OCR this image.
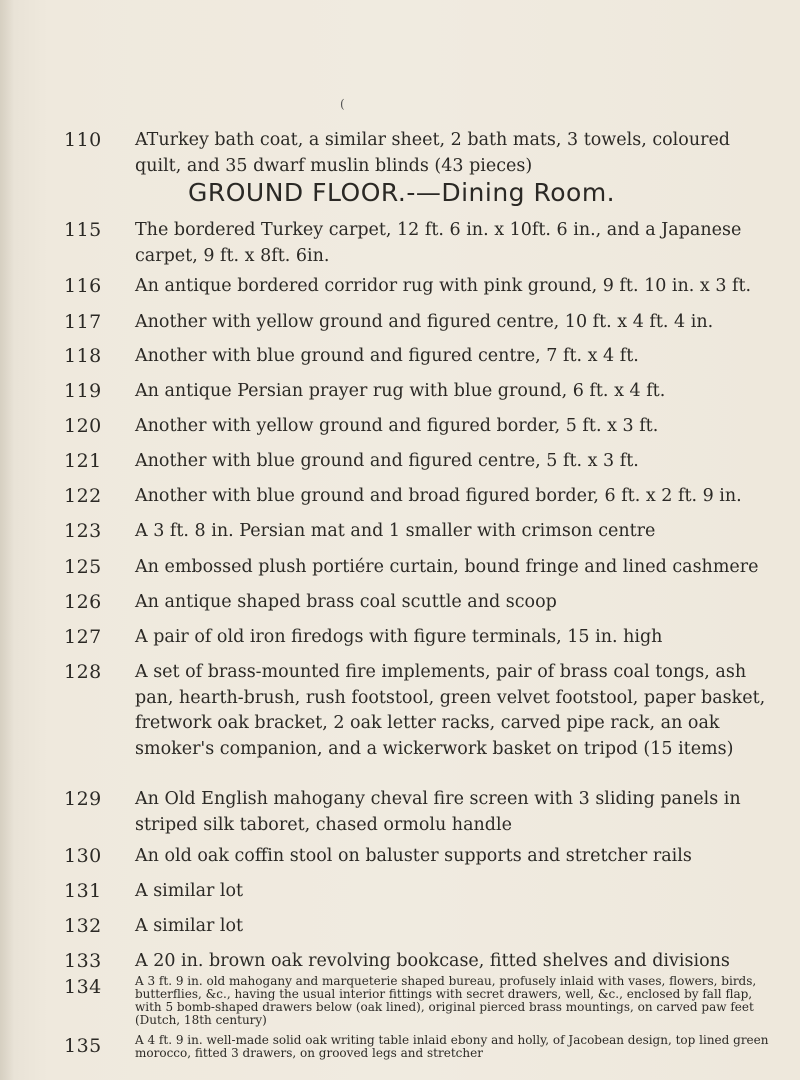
(
110	ATurkey bath coat, a similar sheet, 2 bath mats, 3 towels, coloured quilt, and 35 dwarf muslin blinds (43 pieces)
GROUND FLOOR.-—Dining Room.
115	The bordered Turkey carpet, 12 ft. 6 in. x 10ft. 6 in., and a Japanese carpet, 9 ft. x 8ft. 6in.
116	An antique bordered corridor rug with pink ground, 9 ft. 10 in. x 3 ft.
117	Another with yellow ground and figured centre, 10 ft. x 4 ft. 4 in.
118	Another with blue ground and figured centre, 7 ft. x 4 ft.
119	An antique Persian prayer rug with blue ground, 6 ft. x 4 ft.
120	Another with yellow ground and figured border, 5 ft. x 3 ft.
121	Another with blue ground and figured centre, 5 ft. x 3 ft.
122	Another with blue ground and broad figured border, 6 ft. x 2 ft. 9 in.
123	A 3 ft. 8 in. Persian mat and 1 smaller with crimson centre
125	An embossed plush portiére curtain, bound fringe and lined cashmere
126	An antique shaped brass coal scuttle and scoop
127	A pair of old iron firedogs with figure terminals, 15 in. high
128	A set of brass-mounted fire implements, pair of brass coal tongs, ash pan, hearth-brush, rush footstool, green velvet footstool, paper basket, fretwork oak bracket, 2 oak letter racks, carved pipe rack, an oak smoker's companion, and a wickerwork basket on tripod (15 items)
129	An Old English mahogany cheval fire screen with 3 sliding panels in striped silk taboret, chased ormolu handle
130	An old oak coffin stool on baluster supports and stretcher rails
131	A similar lot
132	A similar lot
133	A 20 in. brown oak revolving bookcase, fitted shelves and divisions
134	A 3 ft. 9 in. old mahogany and marqueterie shaped bureau, profusely inlaid with vases, flowers, birds, butterflies, &c., having the usual interior fittings with secret drawers, well, &c., enclosed by fall flap, with 5 bomb-shaped drawers below (oak lined), original pierced brass mountings, on carved paw feet (Dutch, 18th century)
135	A 4 ft. 9 in. well-made solid oak writing table inlaid ebony and holly, of Jacobean design, top lined green morocco, fitted 3 drawers, on grooved legs and stretcher
